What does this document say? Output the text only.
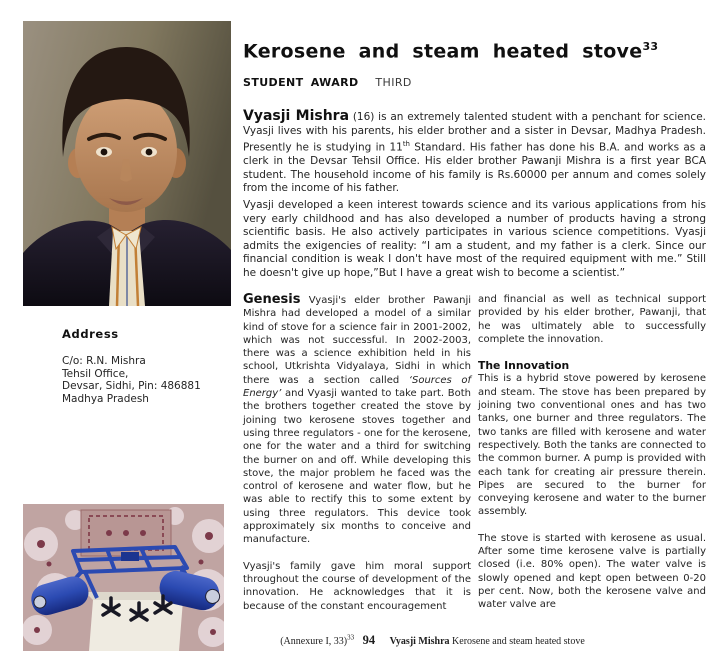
Address
C/o: R.N. Mishra
Tehsil Office,
Devsar, Sidhi, Pin: 486881
Madhya Pradesh
Kerosene and steam heated stove$^{33}$
STUDENT AWARD THIRD
Vyasji Mishra (16) is an extremely talented student with a penchant for science. Vyasji lives with his parents, his elder brother and a sister in Devsar, Madhya Pradesh. Presently he is studying in 11th Standard. His father has done his B.A. and works as a clerk in the Devsar Tehsil Office. His elder brother Pawanji Mishra is a first year BCA student. The household income of his family is Rs.60000 per annum and comes solely from the income of his father.
Vyasji developed a keen interest towards science and its various applications from his very early childhood and has also developed a number of products having a strong scientific basis. He also actively participates in various science competitions. Vyasji admits the exigencies of reality: “I am a student, and my father is a clerk. Since our financial condition is weak I don't have most of the required equipment with me.” Still he doesn't give up hope,”But I have a great wish to become a scientist.”

Genesis Vyasji's elder brother Pawanji Mishra had developed a model of a similar kind of stove for a science fair in 2001-2002, which was not successful. In 2002-2003, there was a science exhibition held in his school, Utkrishta Vidyalaya, Sidhi in which there was a section called ‘Sources of Energy’ and Vyasji wanted to take part. Both the brothers together created the stove by joining two kerosene stoves together and using three regulators - one for the kerosene, one for the water and a third for switching the burner on and off. While developing this stove, the major problem he faced was the control of kerosene and water flow, but he was able to rectify this to some extent by using three regulators. This device took approximately six months to conceive and manufacture.

Vyasji's family gave him moral support throughout the course of development of the innovation. He acknowledges that it is because of the constant encouragement

and financial as well as technical support provided by his elder brother, Pawanji, that he was ultimately able to successfully complete the innovation.

The Innovation

This is a hybrid stove powered by kerosene and steam. The stove has been prepared by joining two conventional ones and has two tanks, one burner and three regulators. The two tanks are filled with kerosene and water respectively. Both the tanks are connected to the common burner. A pump is provided with each tank for creating air pressure therein. Pipes are secured to the burner for conveying kerosene and water to the burner assembly.

The stove is started with kerosene as usual. After some time kerosene valve is partially closed (i.e. 80% open). The water valve is slowly opened and kept open between 0-20 per cent. Now, both the kerosene valve and water valve are

(Annexure I, 33)$^{33}$ 94 Vyasji Mishra Kerosene and steam heated stove
